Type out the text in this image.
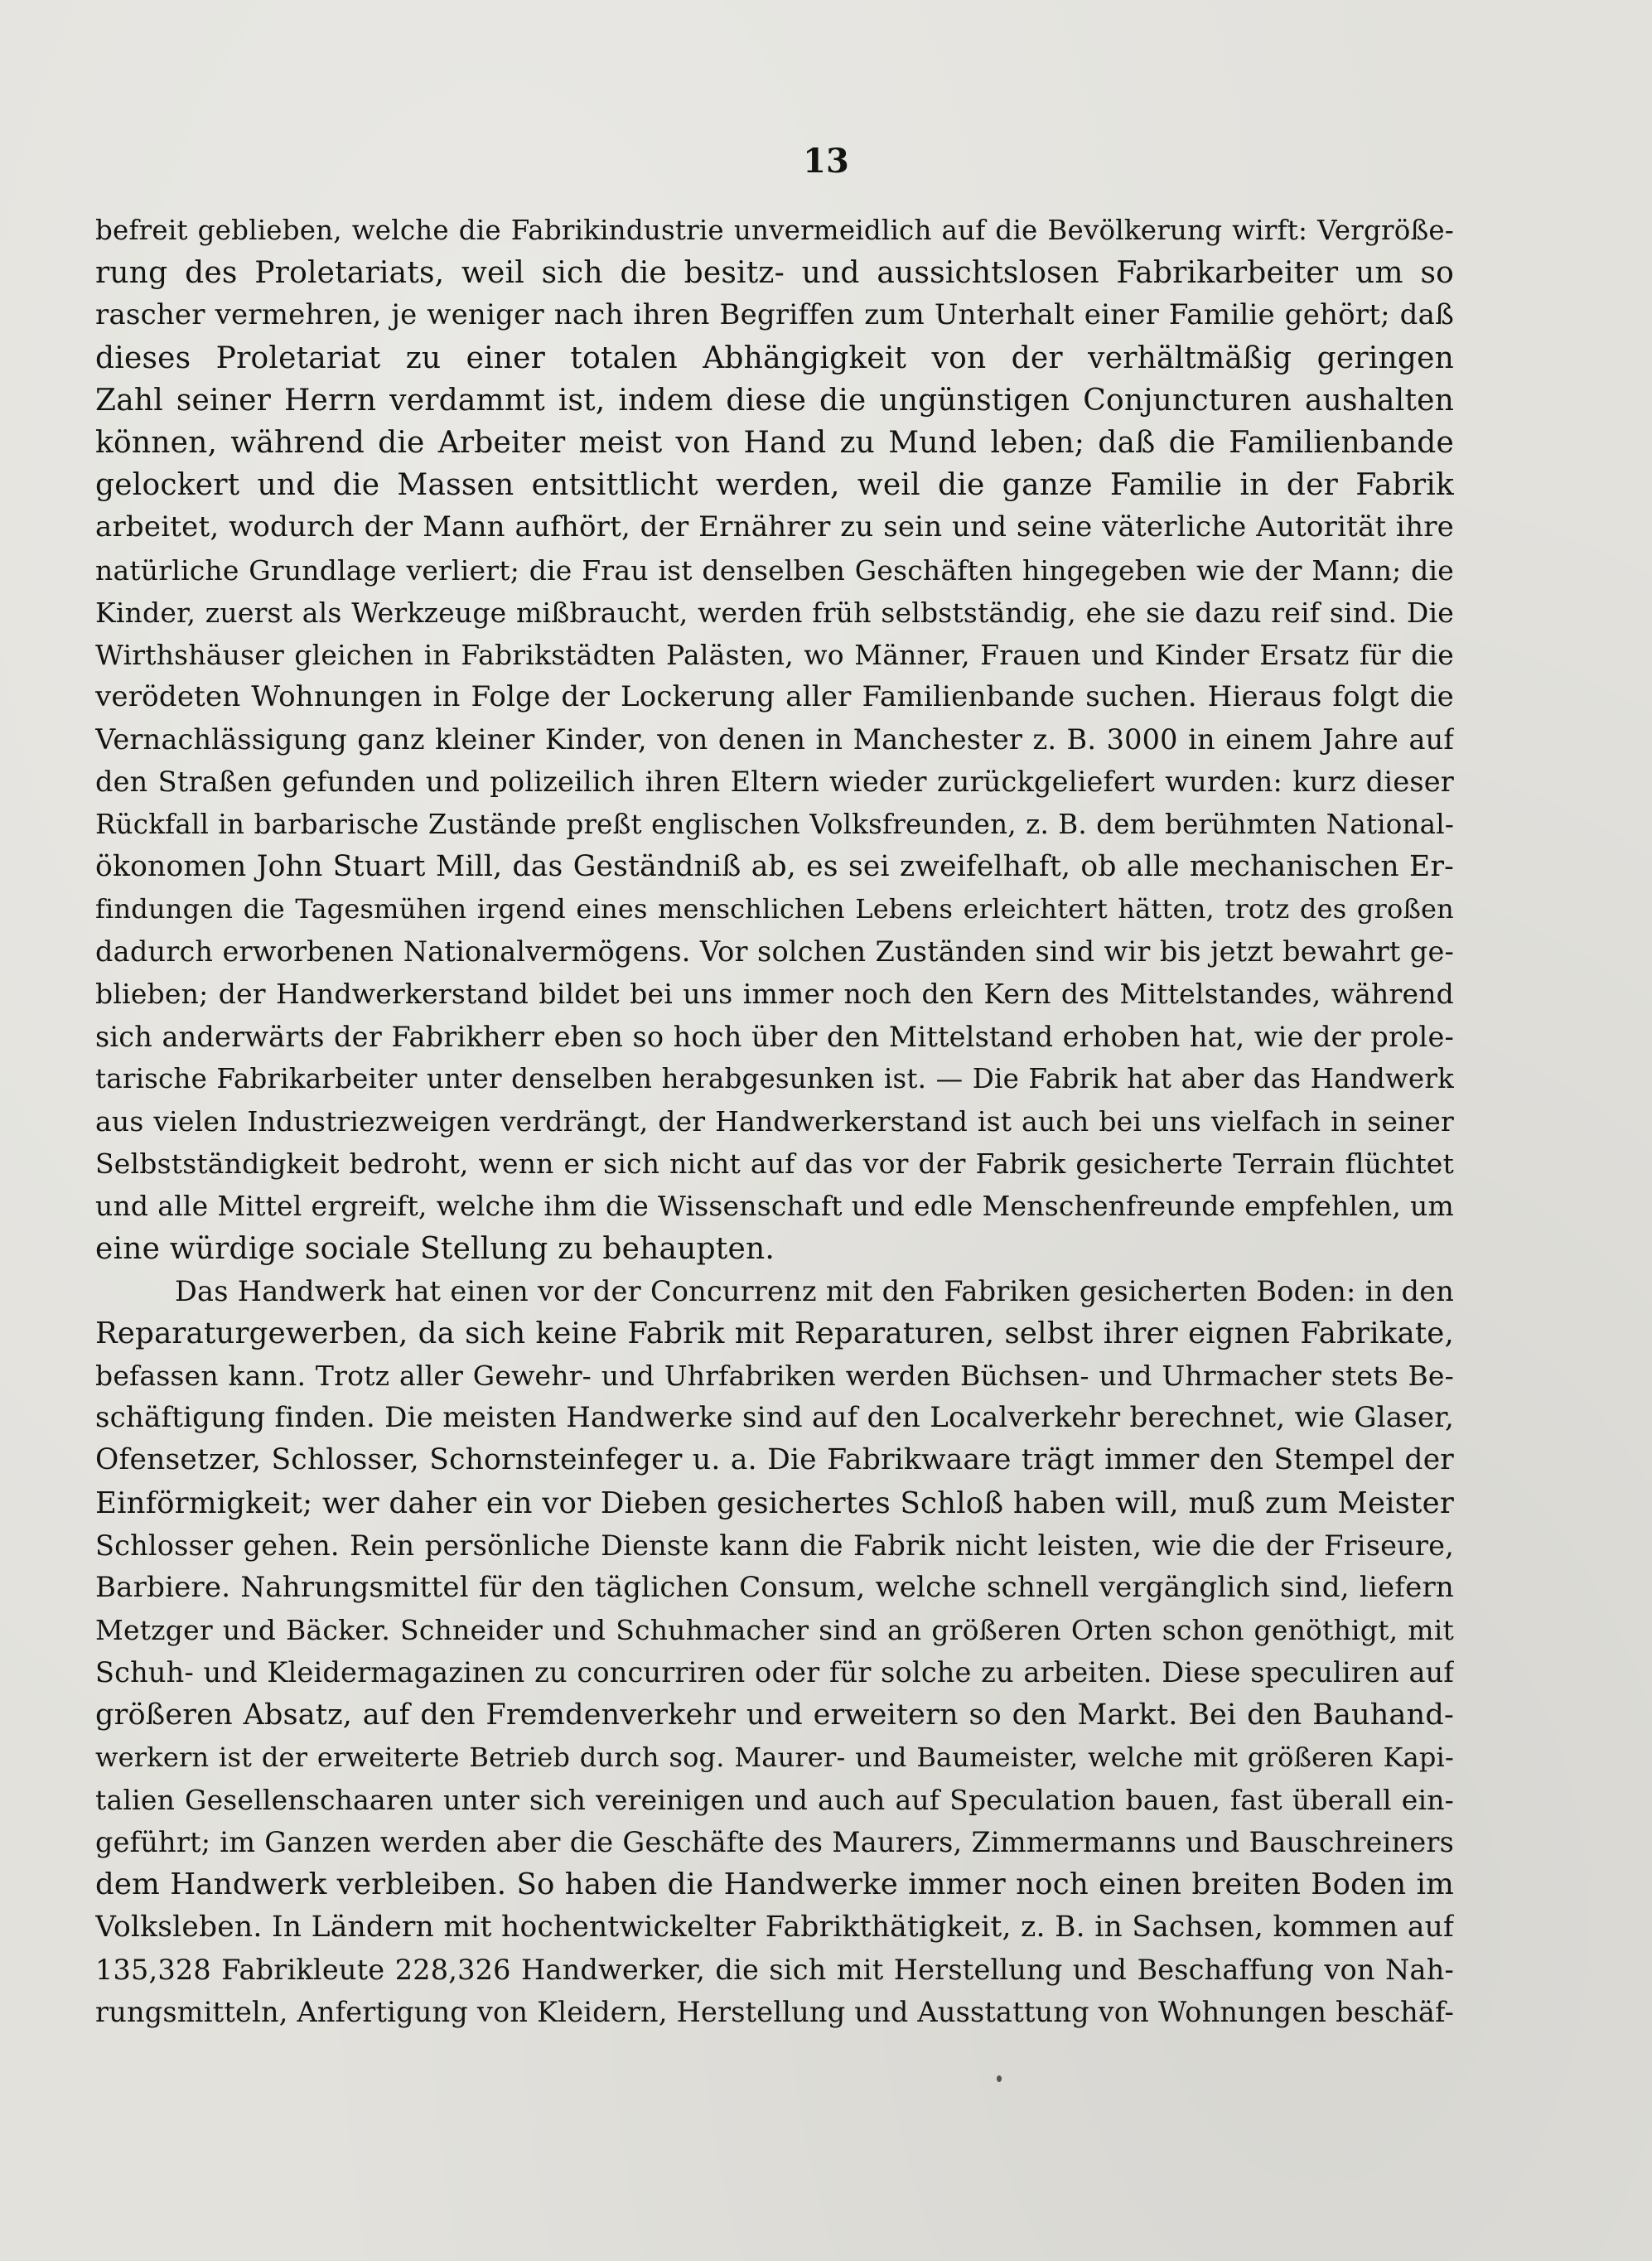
13
befreit geblieben, welche die Fabrikindustrie unvermeidlich auf die Bevölkerung wirft: Vergröße-
rung des Proletariats, weil sich die besitz- und aussichtslosen Fabrikarbeiter um so
rascher vermehren, je weniger nach ihren Begriffen zum Unterhalt einer Familie gehört; daß
dieses Proletariat zu einer totalen Abhängigkeit von der verhältmäßig geringen
Zahl seiner Herrn verdammt ist, indem diese die ungünstigen Conjuncturen aushalten
können, während die Arbeiter meist von Hand zu Mund leben; daß die Familienbande
gelockert und die Massen entsittlicht werden, weil die ganze Familie in der Fabrik
arbeitet, wodurch der Mann aufhört, der Ernährer zu sein und seine väterliche Autorität ihre
natürliche Grundlage verliert; die Frau ist denselben Geschäften hingegeben wie der Mann; die
Kinder, zuerst als Werkzeuge mißbraucht, werden früh selbstständig, ehe sie dazu reif sind. Die
Wirthshäuser gleichen in Fabrikstädten Palästen, wo Männer, Frauen und Kinder Ersatz für die
verödeten Wohnungen in Folge der Lockerung aller Familienbande suchen. Hieraus folgt die
Vernachlässigung ganz kleiner Kinder, von denen in Manchester z. B. 3000 in einem Jahre auf
den Straßen gefunden und polizeilich ihren Eltern wieder zurückgeliefert wurden: kurz dieser
Rückfall in barbarische Zustände preßt englischen Volksfreunden, z. B. dem berühmten National-
ökonomen John Stuart Mill, das Geständniß ab, es sei zweifelhaft, ob alle mechanischen Er-
findungen die Tagesmühen irgend eines menschlichen Lebens erleichtert hätten, trotz des großen
dadurch erworbenen Nationalvermögens. Vor solchen Zuständen sind wir bis jetzt bewahrt ge-
blieben; der Handwerkerstand bildet bei uns immer noch den Kern des Mittelstandes, während
sich anderwärts der Fabrikherr eben so hoch über den Mittelstand erhoben hat, wie der prole-
tarische Fabrikarbeiter unter denselben herabgesunken ist. — Die Fabrik hat aber das Handwerk
aus vielen Industriezweigen verdrängt, der Handwerkerstand ist auch bei uns vielfach in seiner
Selbstständigkeit bedroht, wenn er sich nicht auf das vor der Fabrik gesicherte Terrain flüchtet
und alle Mittel ergreift, welche ihm die Wissenschaft und edle Menschenfreunde empfehlen, um
eine würdige sociale Stellung zu behaupten.
Das Handwerk hat einen vor der Concurrenz mit den Fabriken gesicherten Boden: in den
Reparaturgewerben, da sich keine Fabrik mit Reparaturen, selbst ihrer eignen Fabrikate,
befassen kann. Trotz aller Gewehr- und Uhrfabriken werden Büchsen- und Uhrmacher stets Be-
schäftigung finden. Die meisten Handwerke sind auf den Localverkehr berechnet, wie Glaser,
Ofensetzer, Schlosser, Schornsteinfeger u. a. Die Fabrikwaare trägt immer den Stempel der
Einförmigkeit; wer daher ein vor Dieben gesichertes Schloß haben will, muß zum Meister
Schlosser gehen. Rein persönliche Dienste kann die Fabrik nicht leisten, wie die der Friseure,
Barbiere. Nahrungsmittel für den täglichen Consum, welche schnell vergänglich sind, liefern
Metzger und Bäcker. Schneider und Schuhmacher sind an größeren Orten schon genöthigt, mit
Schuh- und Kleidermagazinen zu concurriren oder für solche zu arbeiten. Diese speculiren auf
größeren Absatz, auf den Fremdenverkehr und erweitern so den Markt. Bei den Bauhand-
werkern ist der erweiterte Betrieb durch sog. Maurer- und Baumeister, welche mit größeren Kapi-
talien Gesellenschaaren unter sich vereinigen und auch auf Speculation bauen, fast überall ein-
geführt; im Ganzen werden aber die Geschäfte des Maurers, Zimmermanns und Bauschreiners
dem Handwerk verbleiben. So haben die Handwerke immer noch einen breiten Boden im
Volksleben. In Ländern mit hochentwickelter Fabrikthätigkeit, z. B. in Sachsen, kommen auf
135,328 Fabrikleute 228,326 Handwerker, die sich mit Herstellung und Beschaffung von Nah-
rungsmitteln, Anfertigung von Kleidern, Herstellung und Ausstattung von Wohnungen beschäf-
